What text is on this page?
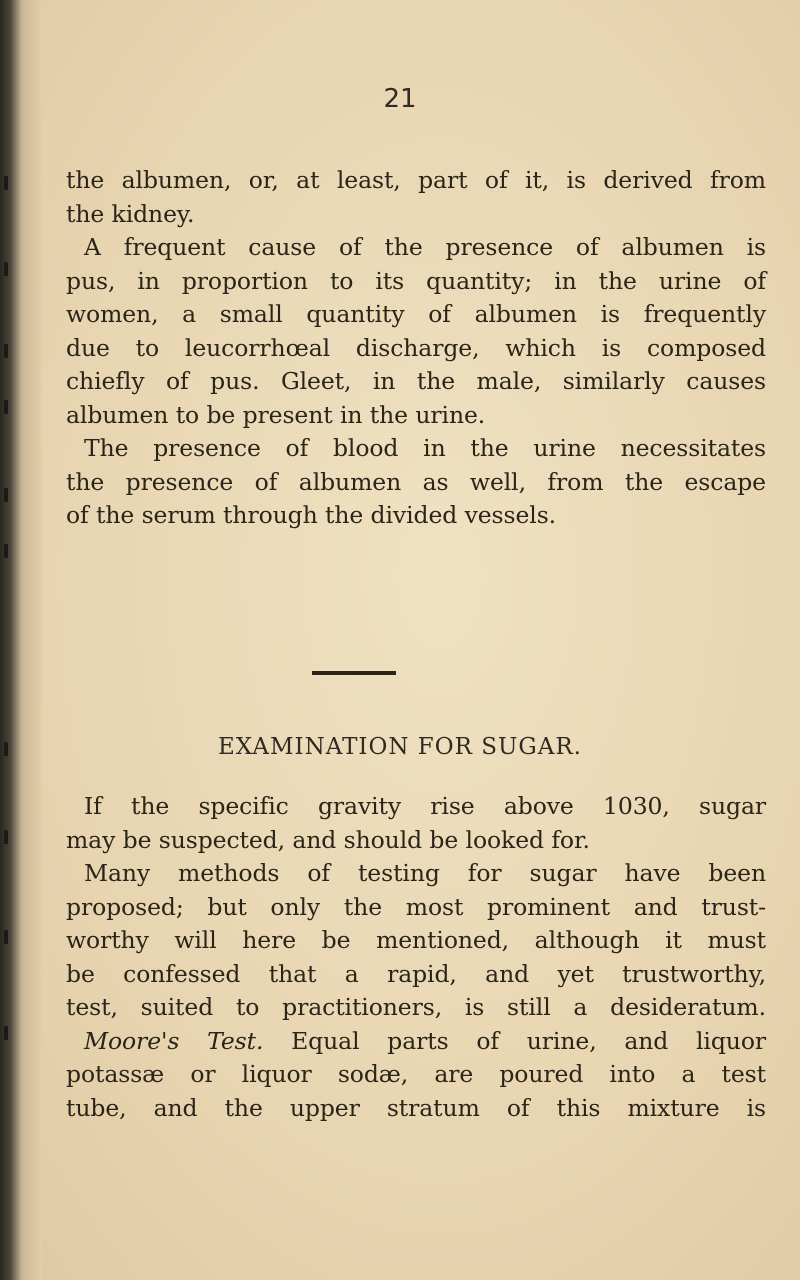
21
the albumen, or, at least, part of it, is derived from
the kidney.
A frequent cause of the presence of albumen is
pus, in proportion to its quantity; in the urine of
women, a small quantity of albumen is frequently
due to leucorrhœal discharge, which is composed
chiefly of pus. Gleet, in the male, similarly causes
albumen to be present in the urine.
The presence of blood in the urine necessitates
the presence of albumen as well, from the escape
of the serum through the divided vessels.
EXAMINATION FOR SUGAR.
If the specific gravity rise above 1030, sugar
may be suspected, and should be looked for.
Many methods of testing for sugar have been
proposed; but only the most prominent and trust-
worthy will here be mentioned, although it must
be confessed that a rapid, and yet trustworthy,
test, suited to practitioners, is still a desideratum.
Moore's Test. Equal parts of urine, and liquor
potassæ or liquor sodæ, are poured into a test
tube, and the upper stratum of this mixture is
